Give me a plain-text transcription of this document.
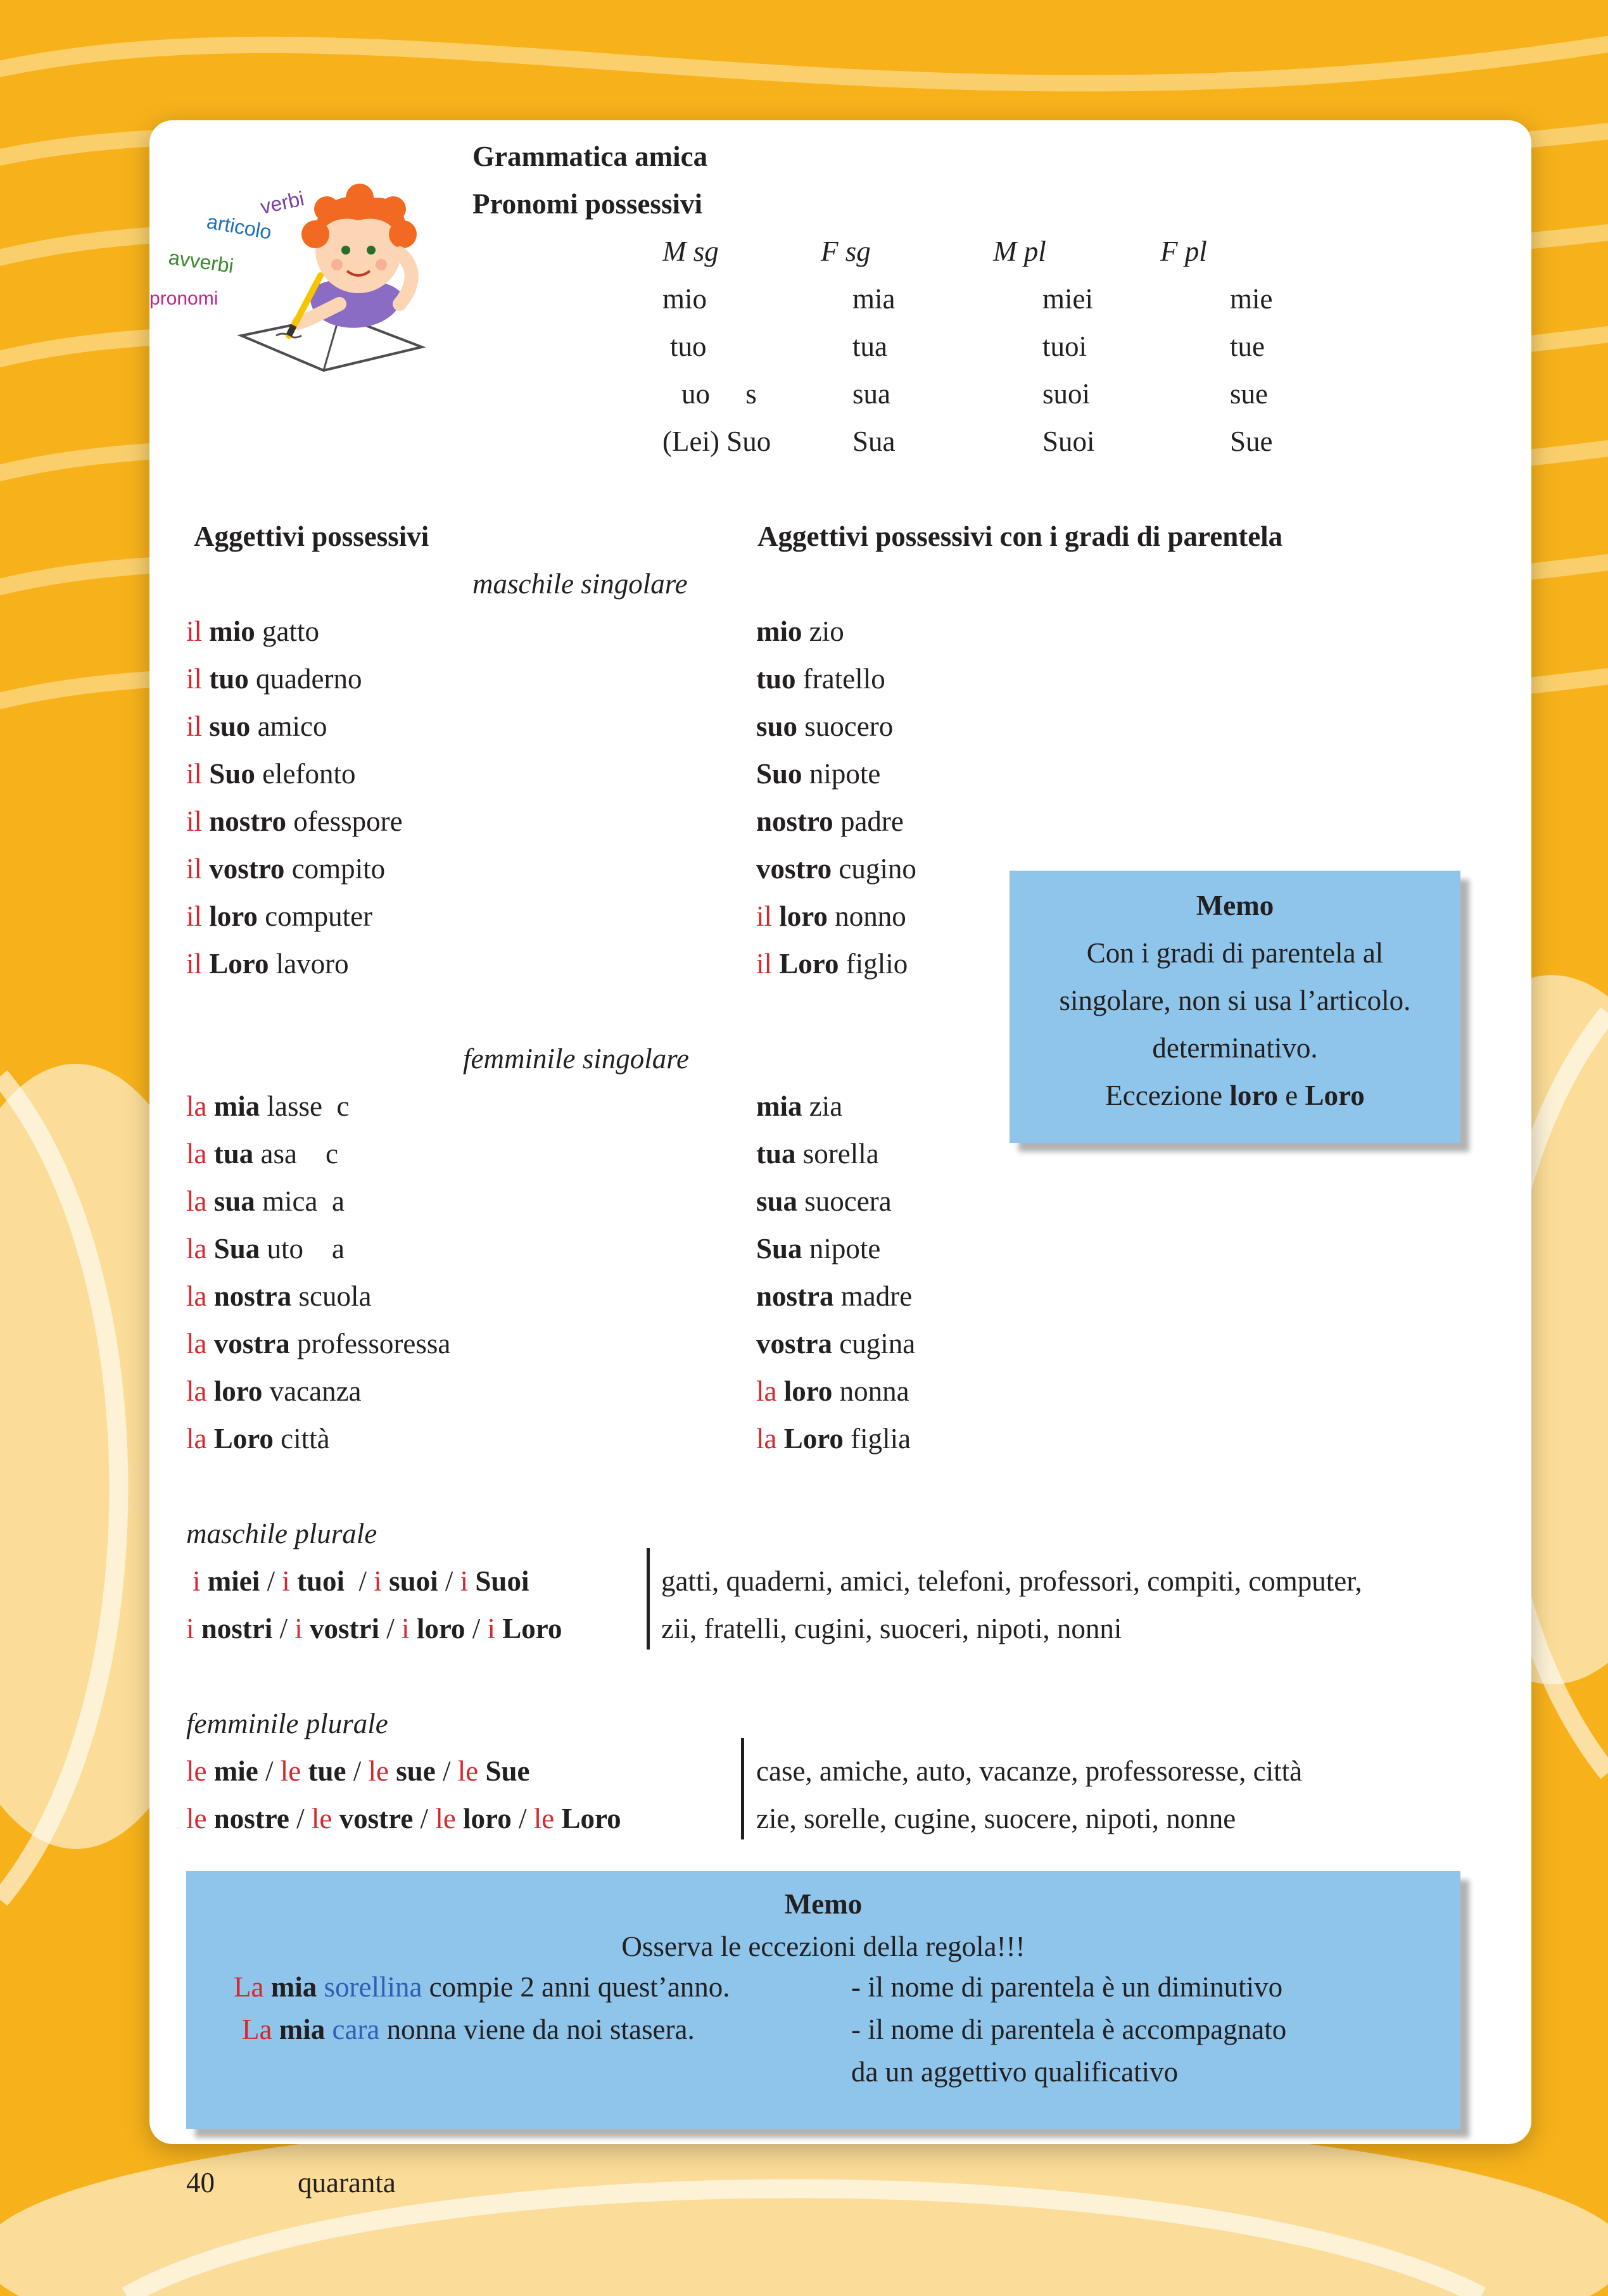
verbi
articolo
avverbi
pronomi
Grammatica amica
Pronomi possessivi
M sg	F sg	M pl	F pl
mio	mia	miei	mie
tuo	tua	tuoi	tue
uo     s	sua	suoi	sue
(Lei) Suo	Sua	Suoi	Sue
Aggettivi possessivi	Aggettivi possessivi con i gradi di parentela
maschile singolare
femminile singolare
il mio gatto
il tuo quaderno
il suo amico
il Suo elefonto
il nostro ofesspore
il vostro compito
il loro computer
il Loro lavoro
mio zio
tuo fratello
suo suocero
Suo nipote
nostro padre
vostro cugino
il loro nonno
il Loro figlio
la mia lasse  c
la tua asa    c
la sua mica  a
la Sua uto    a
la nostra scuola
la vostra professoressa
la loro vacanza
la Loro città
mia zia
tua sorella
sua suocera
Sua nipote
nostra madre
vostra cugina
la loro nonna
la Loro figlia
Memo
Con i gradi di parentela al
singolare, non si usa l’articolo.
determinativo.
Eccezione loro e Loro
maschile plurale
i miei / i tuoi  / i suoi / i Suoi
i nostri / i vostri / i loro / i Loro
gatti, quaderni, amici, telefoni, professori, compiti, computer,
zii, fratelli, cugini, suoceri, nipoti, nonni
femminile plurale
le mie / le tue / le sue / le Sue
le nostre / le vostre / le loro / le Loro
case, amiche, auto, vacanze, professoresse, città
zie, sorelle, cugine, suocere, nipoti, nonne
Memo
Osserva le eccezioni della regola!!!
La mia sorellina compie 2 anni quest’anno.
La mia cara nonna viene da noi stasera.
- il nome di parentela è un diminutivo
- il nome di parentela è accompagnato
da un aggettivo qualificativo
40	quaranta
